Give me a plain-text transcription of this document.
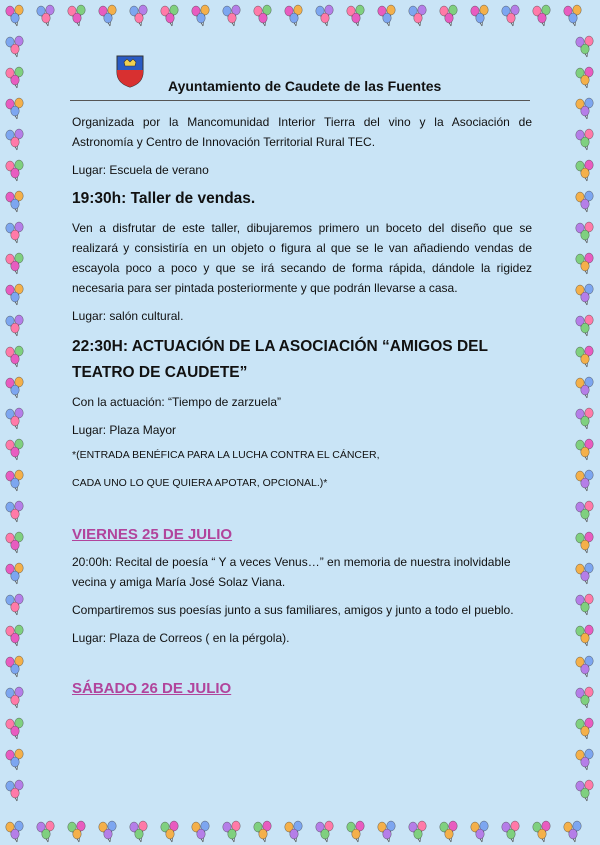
Ayuntamiento de Caudete de las Fuentes

Organizada por la Mancomunidad Interior Tierra del vino y la Asociación de Astronomía y Centro de Innovación Territorial Rural TEC.

Lugar: Escuela de verano

19:30h: Taller de vendas.

Ven a disfrutar de este taller, dibujaremos primero un boceto del diseño que se realizará y consistiría en un objeto o figura al que se le van añadiendo vendas de escayola poco a poco y que se irá secando de forma rápida, dándole la rigidez necesaria para ser pintada posteriormente y que podrán llevarse a casa.

Lugar: salón cultural.

22:30H: ACTUACIÓN DE LA ASOCIACIÓN “AMIGOS DEL
TEATRO DE CAUDETE”

Con la actuación: “Tiempo de zarzuela”

Lugar: Plaza Mayor

*(ENTRADA BENÉFICA PARA LA LUCHA CONTRA EL CÁNCER,

CADA UNO LO QUE QUIERA APOTAR, OPCIONAL.)*

VIERNES 25 DE JULIO

20:00h: Recital de poesía “ Y a veces Venus…” en memoria de nuestra inolvidable vecina y amiga María José Solaz Viana.

Compartiremos sus poesías junto a sus familiares, amigos y junto a todo el pueblo.

Lugar: Plaza de Correos ( en la pérgola).

SÁBADO 26 DE JULIO
